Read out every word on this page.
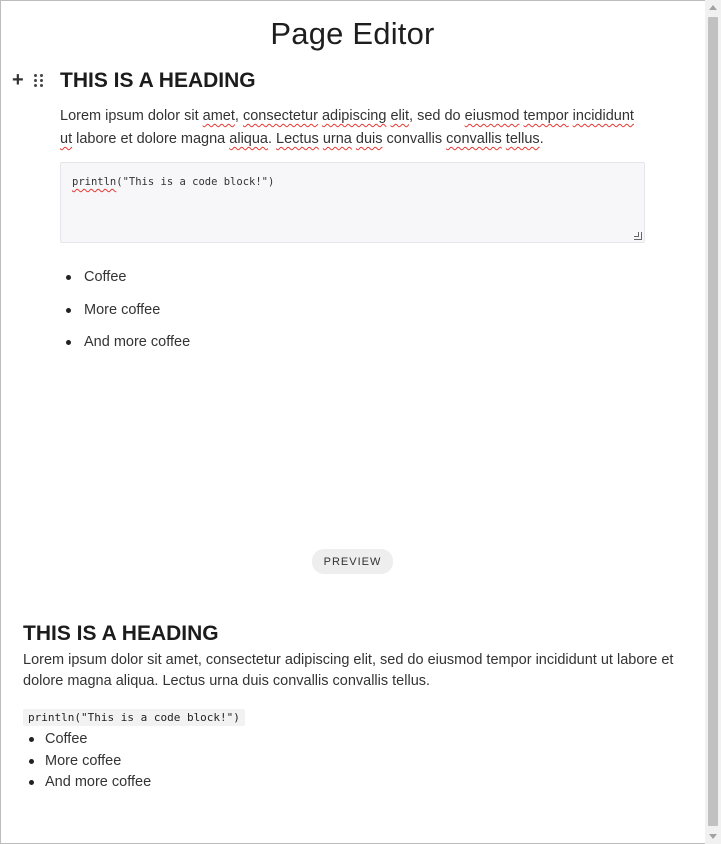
Page Editor
+ THIS IS A HEADING
Lorem ipsum dolor sit amet, consectetur adipiscing elit, sed do eiusmod tempor incididunt ut labore et dolore magna aliqua. Lectus urna duis convallis convallis tellus.
println("This is a code block!")
Coffee
More coffee
And more coffee
PREVIEW
THIS IS A HEADING

Lorem ipsum dolor sit amet, consectetur adipiscing elit, sed do eiusmod tempor incididunt ut labore et dolore magna aliqua. Lectus urna duis convallis convallis tellus.

println("This is a code block!")
Coffee
More coffee
And more coffee
